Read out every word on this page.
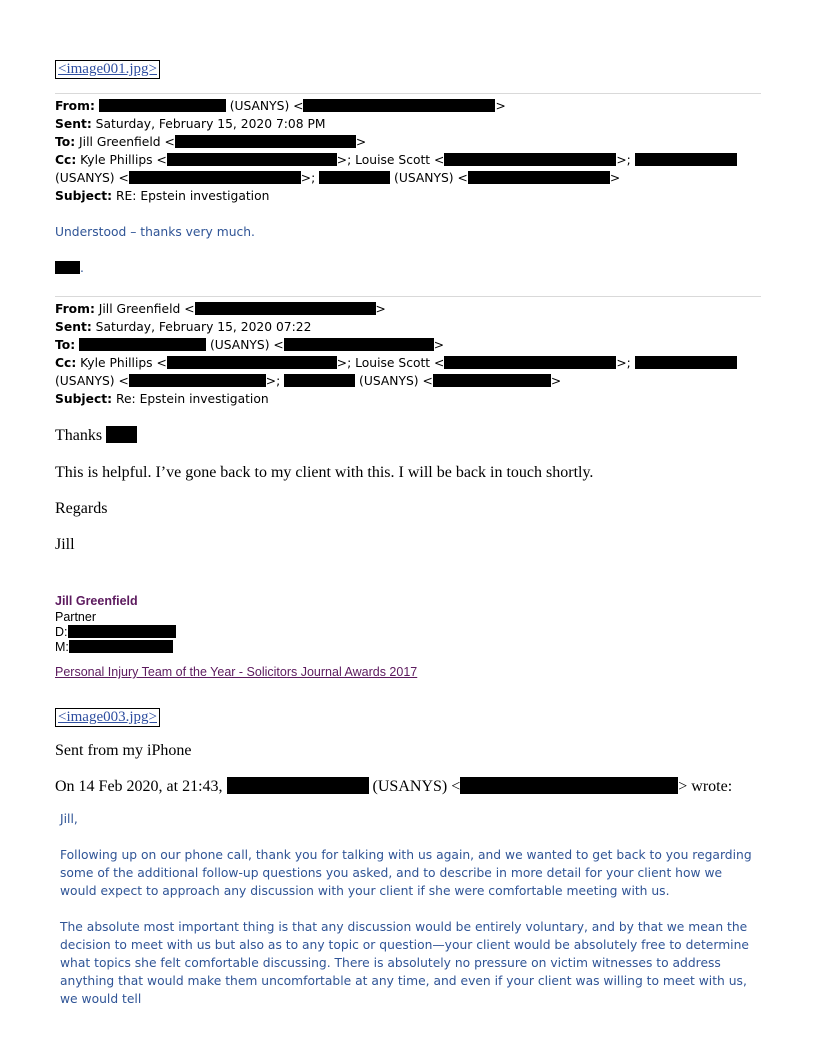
<image001.jpg>
From:	(USANYS) <	>
Sent: Saturday, February 15, 2020 7:08 PM
To: Jill Greenfield <	>
Cc: Kyle Phillips <	>; Louise Scott <	>;
(USANYS) <	>;	(USANYS) <	>
Subject: RE: Epstein investigation
Understood – thanks very much.
.
From: Jill Greenfield <	>
Sent: Saturday, February 15, 2020 07:22
To:	(USANYS) <	>
Cc: Kyle Phillips <	>; Louise Scott <	>;
(USANYS) <	>;	(USANYS) <	>
Subject: Re: Epstein investigation
Thanks
This is helpful. I’ve gone back to my client with this. I will be back in touch shortly.
Regards
Jill
Jill Greenfield
Partner
D:
M:
Personal Injury Team of the Year - Solicitors Journal Awards 2017
<image003.jpg>
Sent from my iPhone
On 14 Feb 2020, at 21:43,	(USANYS) <	> wrote:
Jill,
Following up on our phone call, thank you for talking with us again, and we wanted to get back to you regarding some of the additional follow-up questions you asked, and to describe in more detail for your client how we would expect to approach any discussion with your client if she were comfortable meeting with us.
The absolute most important thing is that any discussion would be entirely voluntary, and by that we mean the decision to meet with us but also as to any topic or question—your client would be absolutely free to determine what topics she felt comfortable discussing. There is absolutely no pressure on victim witnesses to address anything that would make them uncomfortable at any time, and even if your client was willing to meet with us, we would tell
